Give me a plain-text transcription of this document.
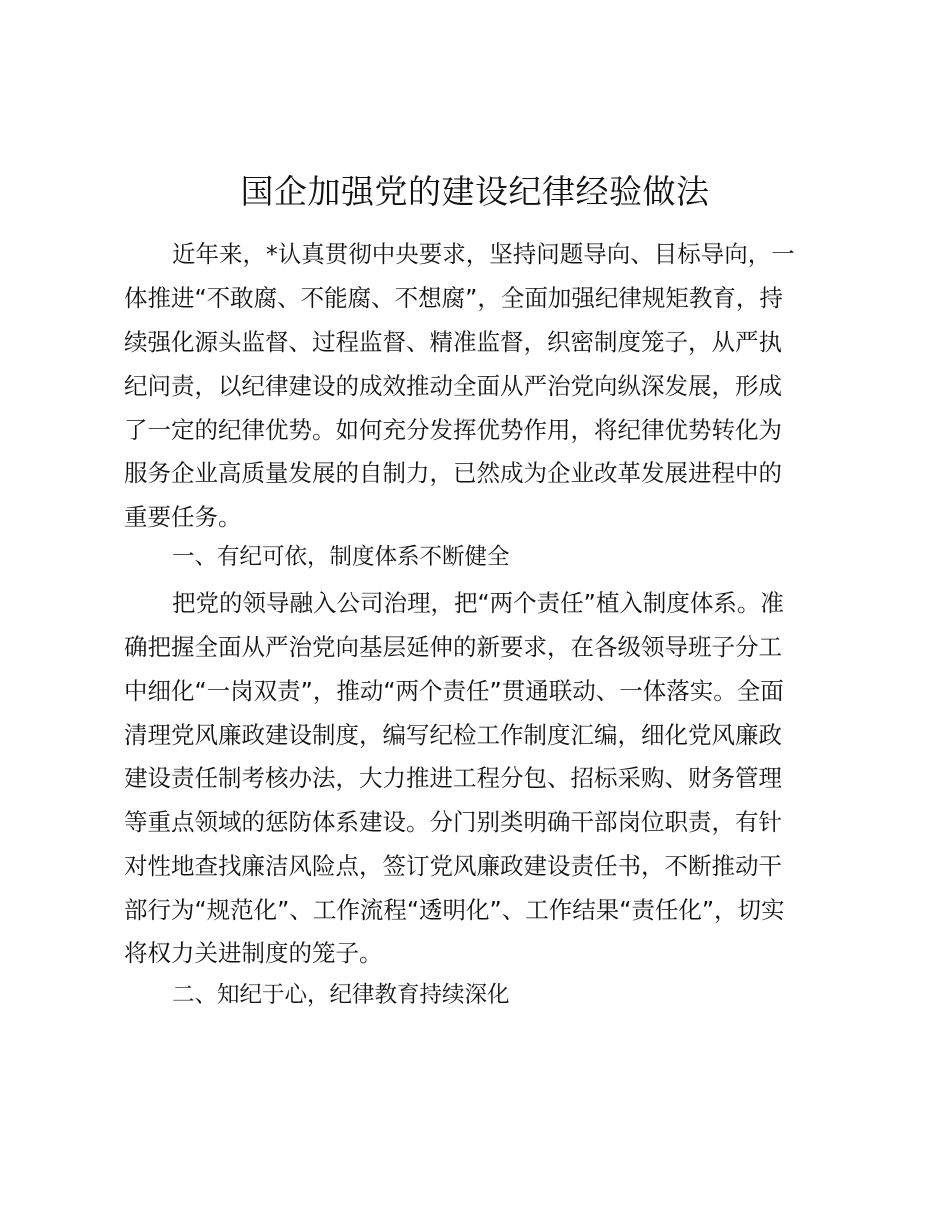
国企加强党的建设纪律经验做法
近年来，*认真贯彻中央要求，坚持问题导向、目标导向，一
体推进“不敢腐、不能腐、不想腐”，全面加强纪律规矩教育，持
续强化源头监督、过程监督、精准监督，织密制度笼子，从严执
纪问责，以纪律建设的成效推动全面从严治党向纵深发展，形成
了一定的纪律优势。如何充分发挥优势作用，将纪律优势转化为
服务企业高质量发展的自制力，已然成为企业改革发展进程中的
重要任务。
一、有纪可依，制度体系不断健全
把党的领导融入公司治理，把“两个责任”植入制度体系。准
确把握全面从严治党向基层延伸的新要求，在各级领导班子分工
中细化“一岗双责”，推动“两个责任”贯通联动、一体落实。全面
清理党风廉政建设制度，编写纪检工作制度汇编，细化党风廉政
建设责任制考核办法，大力推进工程分包、招标采购、财务管理
等重点领域的惩防体系建设。分门别类明确干部岗位职责，有针
对性地查找廉洁风险点，签订党风廉政建设责任书，不断推动干
部行为“规范化”、工作流程“透明化”、工作结果“责任化”，切实
将权力关进制度的笼子。
二、知纪于心，纪律教育持续深化
